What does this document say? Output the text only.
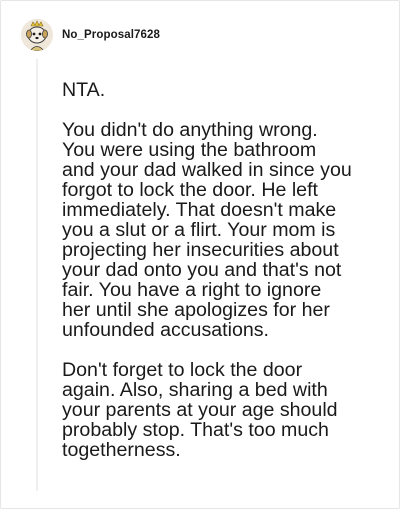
No_Proposal7628

NTA.

You didn't do anything wrong.
You were using the bathroom
and your dad walked in since you
forgot to lock the door. He left
immediately. That doesn't make
you a slut or a flirt. Your mom is
projecting her insecurities about
your dad onto you and that's not
fair. You have a right to ignore
her until she apologizes for her
unfounded accusations.

Don't forget to lock the door
again. Also, sharing a bed with
your parents at your age should
probably stop. That's too much
togetherness.
